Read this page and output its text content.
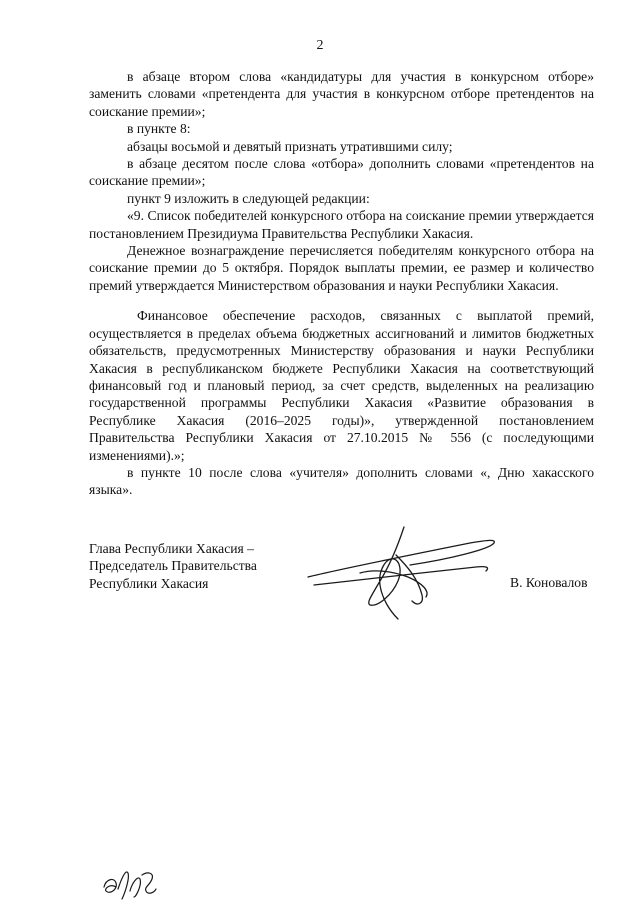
2

в абзаце втором слова «кандидатуры для участия в конкурсном отборе» заменить словами «претендента для участия в конкурсном отборе претендентов на соискание премии»;

в пункте 8:

абзацы восьмой и девятый признать утратившими силу;

в абзаце десятом после слова «отбора» дополнить словами «претендентов на соискание премии»;

пункт 9 изложить в следующей редакции:

«9. Список победителей конкурсного отбора на соискание премии утверждается постановлением Президиума Правительства Республики Хакасия.

Денежное вознаграждение перечисляется победителям конкурсного отбора на соискание премии до 5 октября. Порядок выплаты премии, ее размер и количество премий утверждается Министерством образования и науки Республики Хакасия.

Финансовое обеспечение расходов, связанных с выплатой премий, осуществляется в пределах объема бюджетных ассигнований и лимитов бюджетных обязательств, предусмотренных Министерству образования и науки Республики Хакасия в республиканском бюджете Республики Хакасия на соответствующий финансовый год и плановый период, за счет средств, выделенных на реализацию государственной программы Республики Хакасия «Развитие образования в Республике Хакасия (2016–2025 годы)», утвержденной постановлением Правительства Республики Хакасия от 27.10.2015 № 556 (с последующими изменениями).»;

в пункте 10 после слова «учителя» дополнить словами «, Дню хакасского языка».

Глава Республики Хакасия –
Председатель Правительства
Республики Хакасия	В. Коновалов
